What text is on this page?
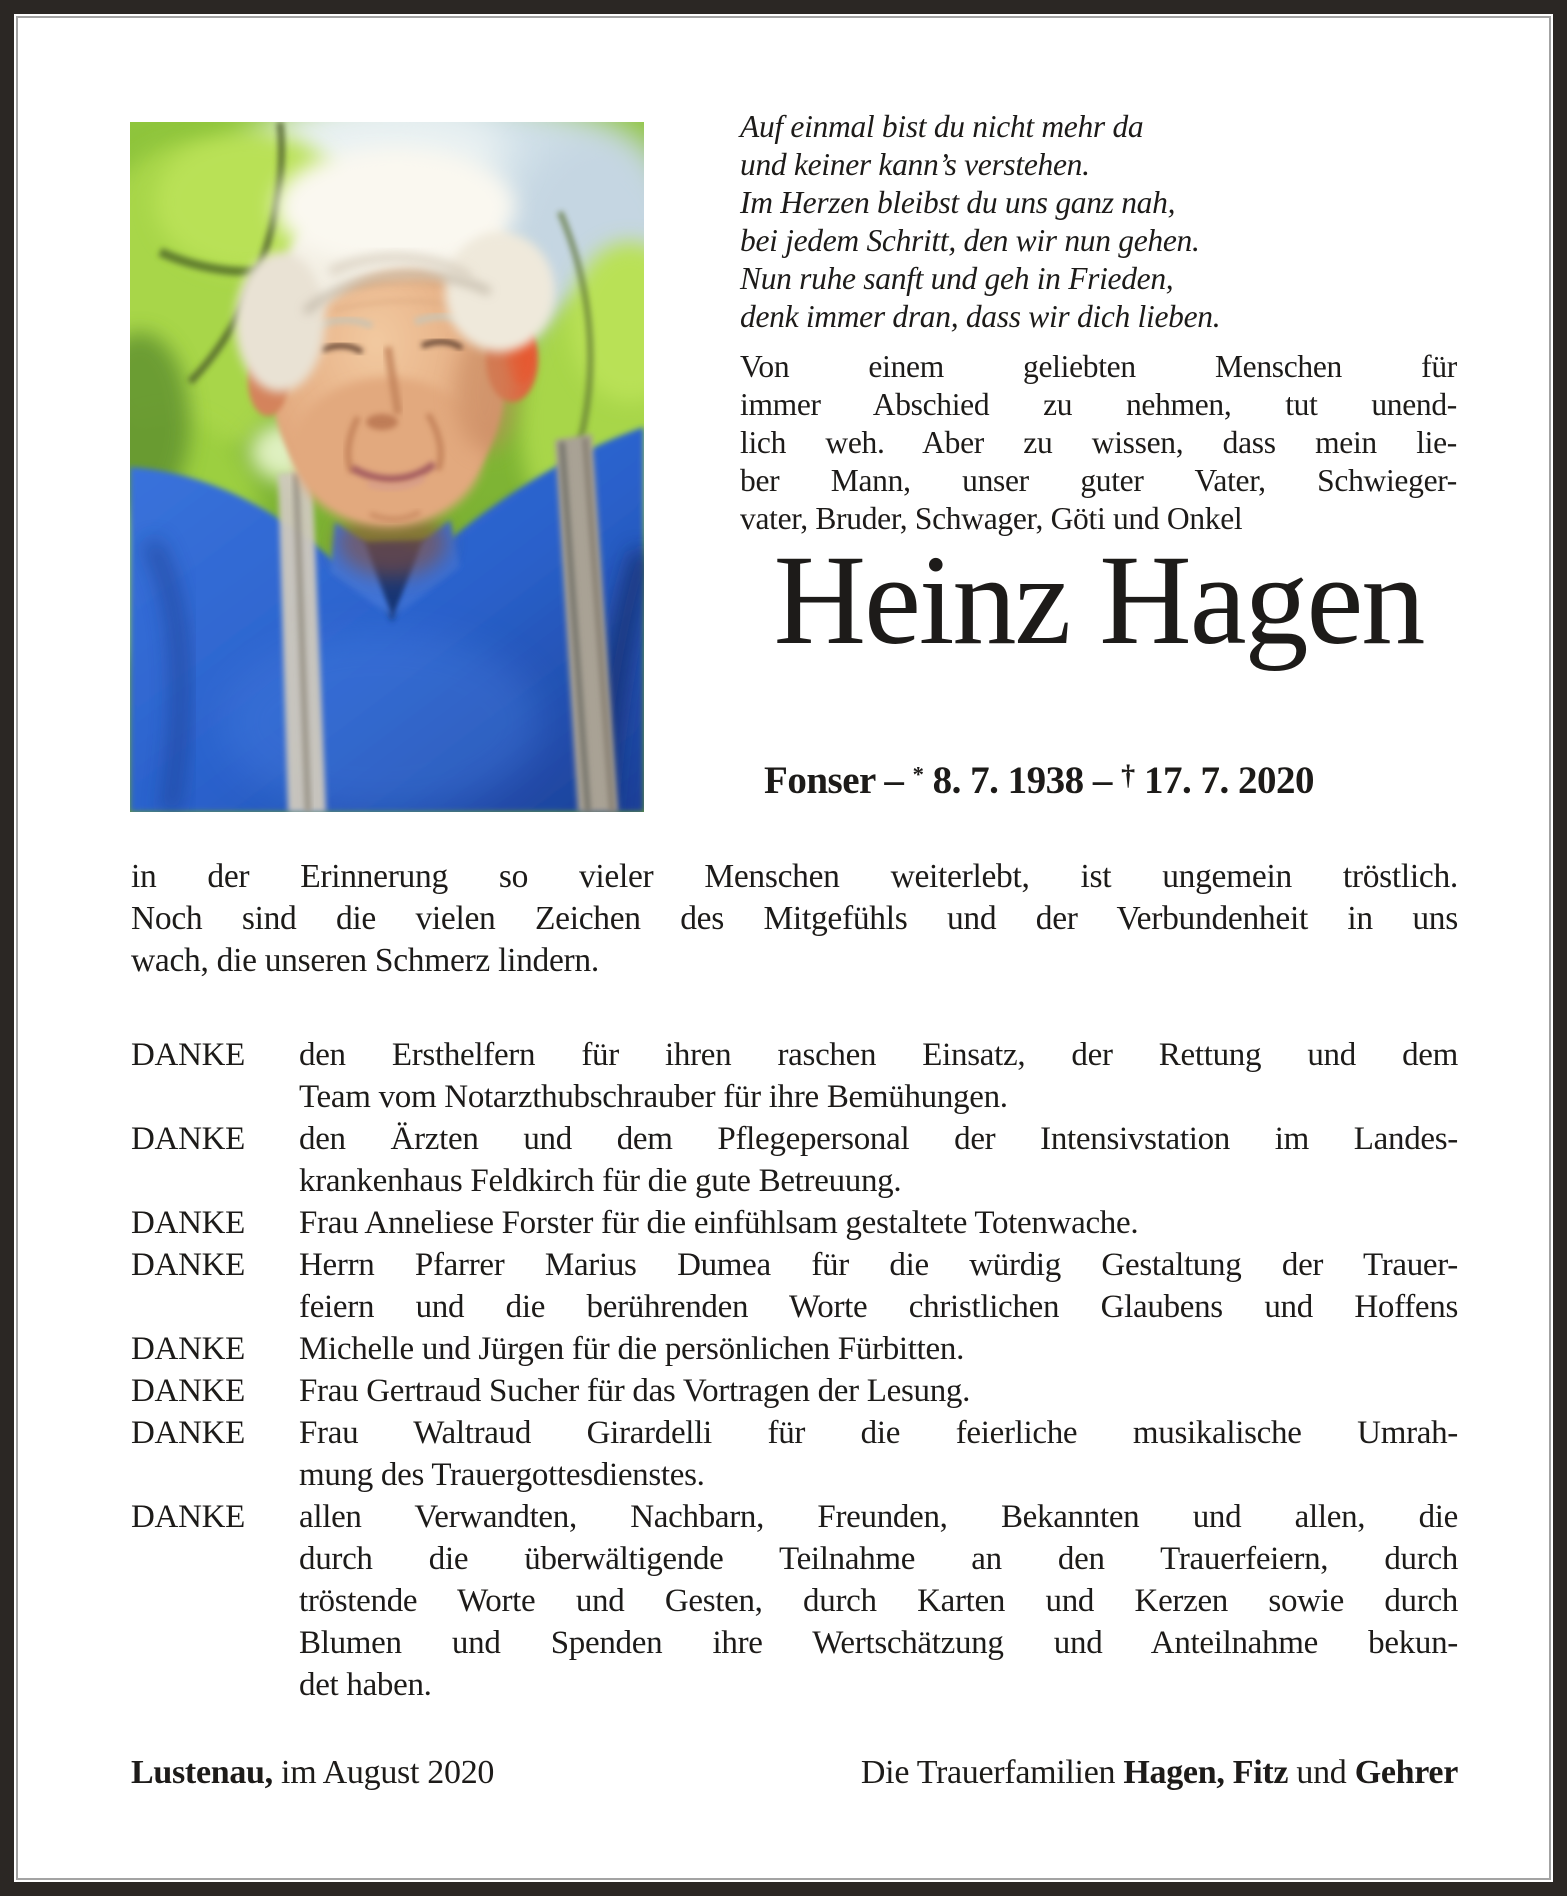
Auf einmal bist du nicht mehr da
und keiner kann’s verstehen.
Im Herzen bleibst du uns ganz nah,
bei jedem Schritt, den wir nun gehen.
Nun ruhe sanft und geh in Frieden,
denk immer dran, dass wir dich lieben.
Von einem geliebten Menschen für
immer Abschied zu nehmen, tut unend-
lich weh. Aber zu wissen, dass mein lie-
ber Mann, unser guter Vater, Schwieger-
vater, Bruder, Schwager, Göti und Onkel
Heinz Hagen
Fonser – * 8. 7. 1938 – † 17. 7. 2020
in der Erinnerung so vieler Menschen weiterlebt, ist ungemein tröstlich.
Noch sind die vielen Zeichen des Mitgefühls und der Verbundenheit in uns
wach, die unseren Schmerz lindern.
DANKE	den Ersthelfern für ihren raschen Einsatz, der Rettung und dem
Team vom Notarzthubschrauber für ihre Bemühungen.
DANKE	den Ärzten und dem Pflegepersonal der Intensivstation im Landes-
krankenhaus Feldkirch für die gute Betreuung.
DANKE	Frau Anneliese Forster für die einfühlsam gestaltete Totenwache.
DANKE	Herrn Pfarrer Marius Dumea für die würdig Gestaltung der Trauer-
feiern und die berührenden Worte christlichen Glaubens und Hoffens
DANKE	Michelle und Jürgen für die persönlichen Fürbitten.
DANKE	Frau Gertraud Sucher für das Vortragen der Lesung.
DANKE	Frau Waltraud Girardelli für die feierliche musikalische Umrah-
mung des Trauergottesdienstes.
DANKE	allen Verwandten, Nachbarn, Freunden, Bekannten und allen, die
durch die überwältigende Teilnahme an den Trauerfeiern, durch
tröstende Worte und Gesten, durch Karten und Kerzen sowie durch
Blumen und Spenden ihre Wertschätzung und Anteilnahme bekun-
det haben.
Lustenau, im August 2020	Die Trauerfamilien Hagen, Fitz und Gehrer
